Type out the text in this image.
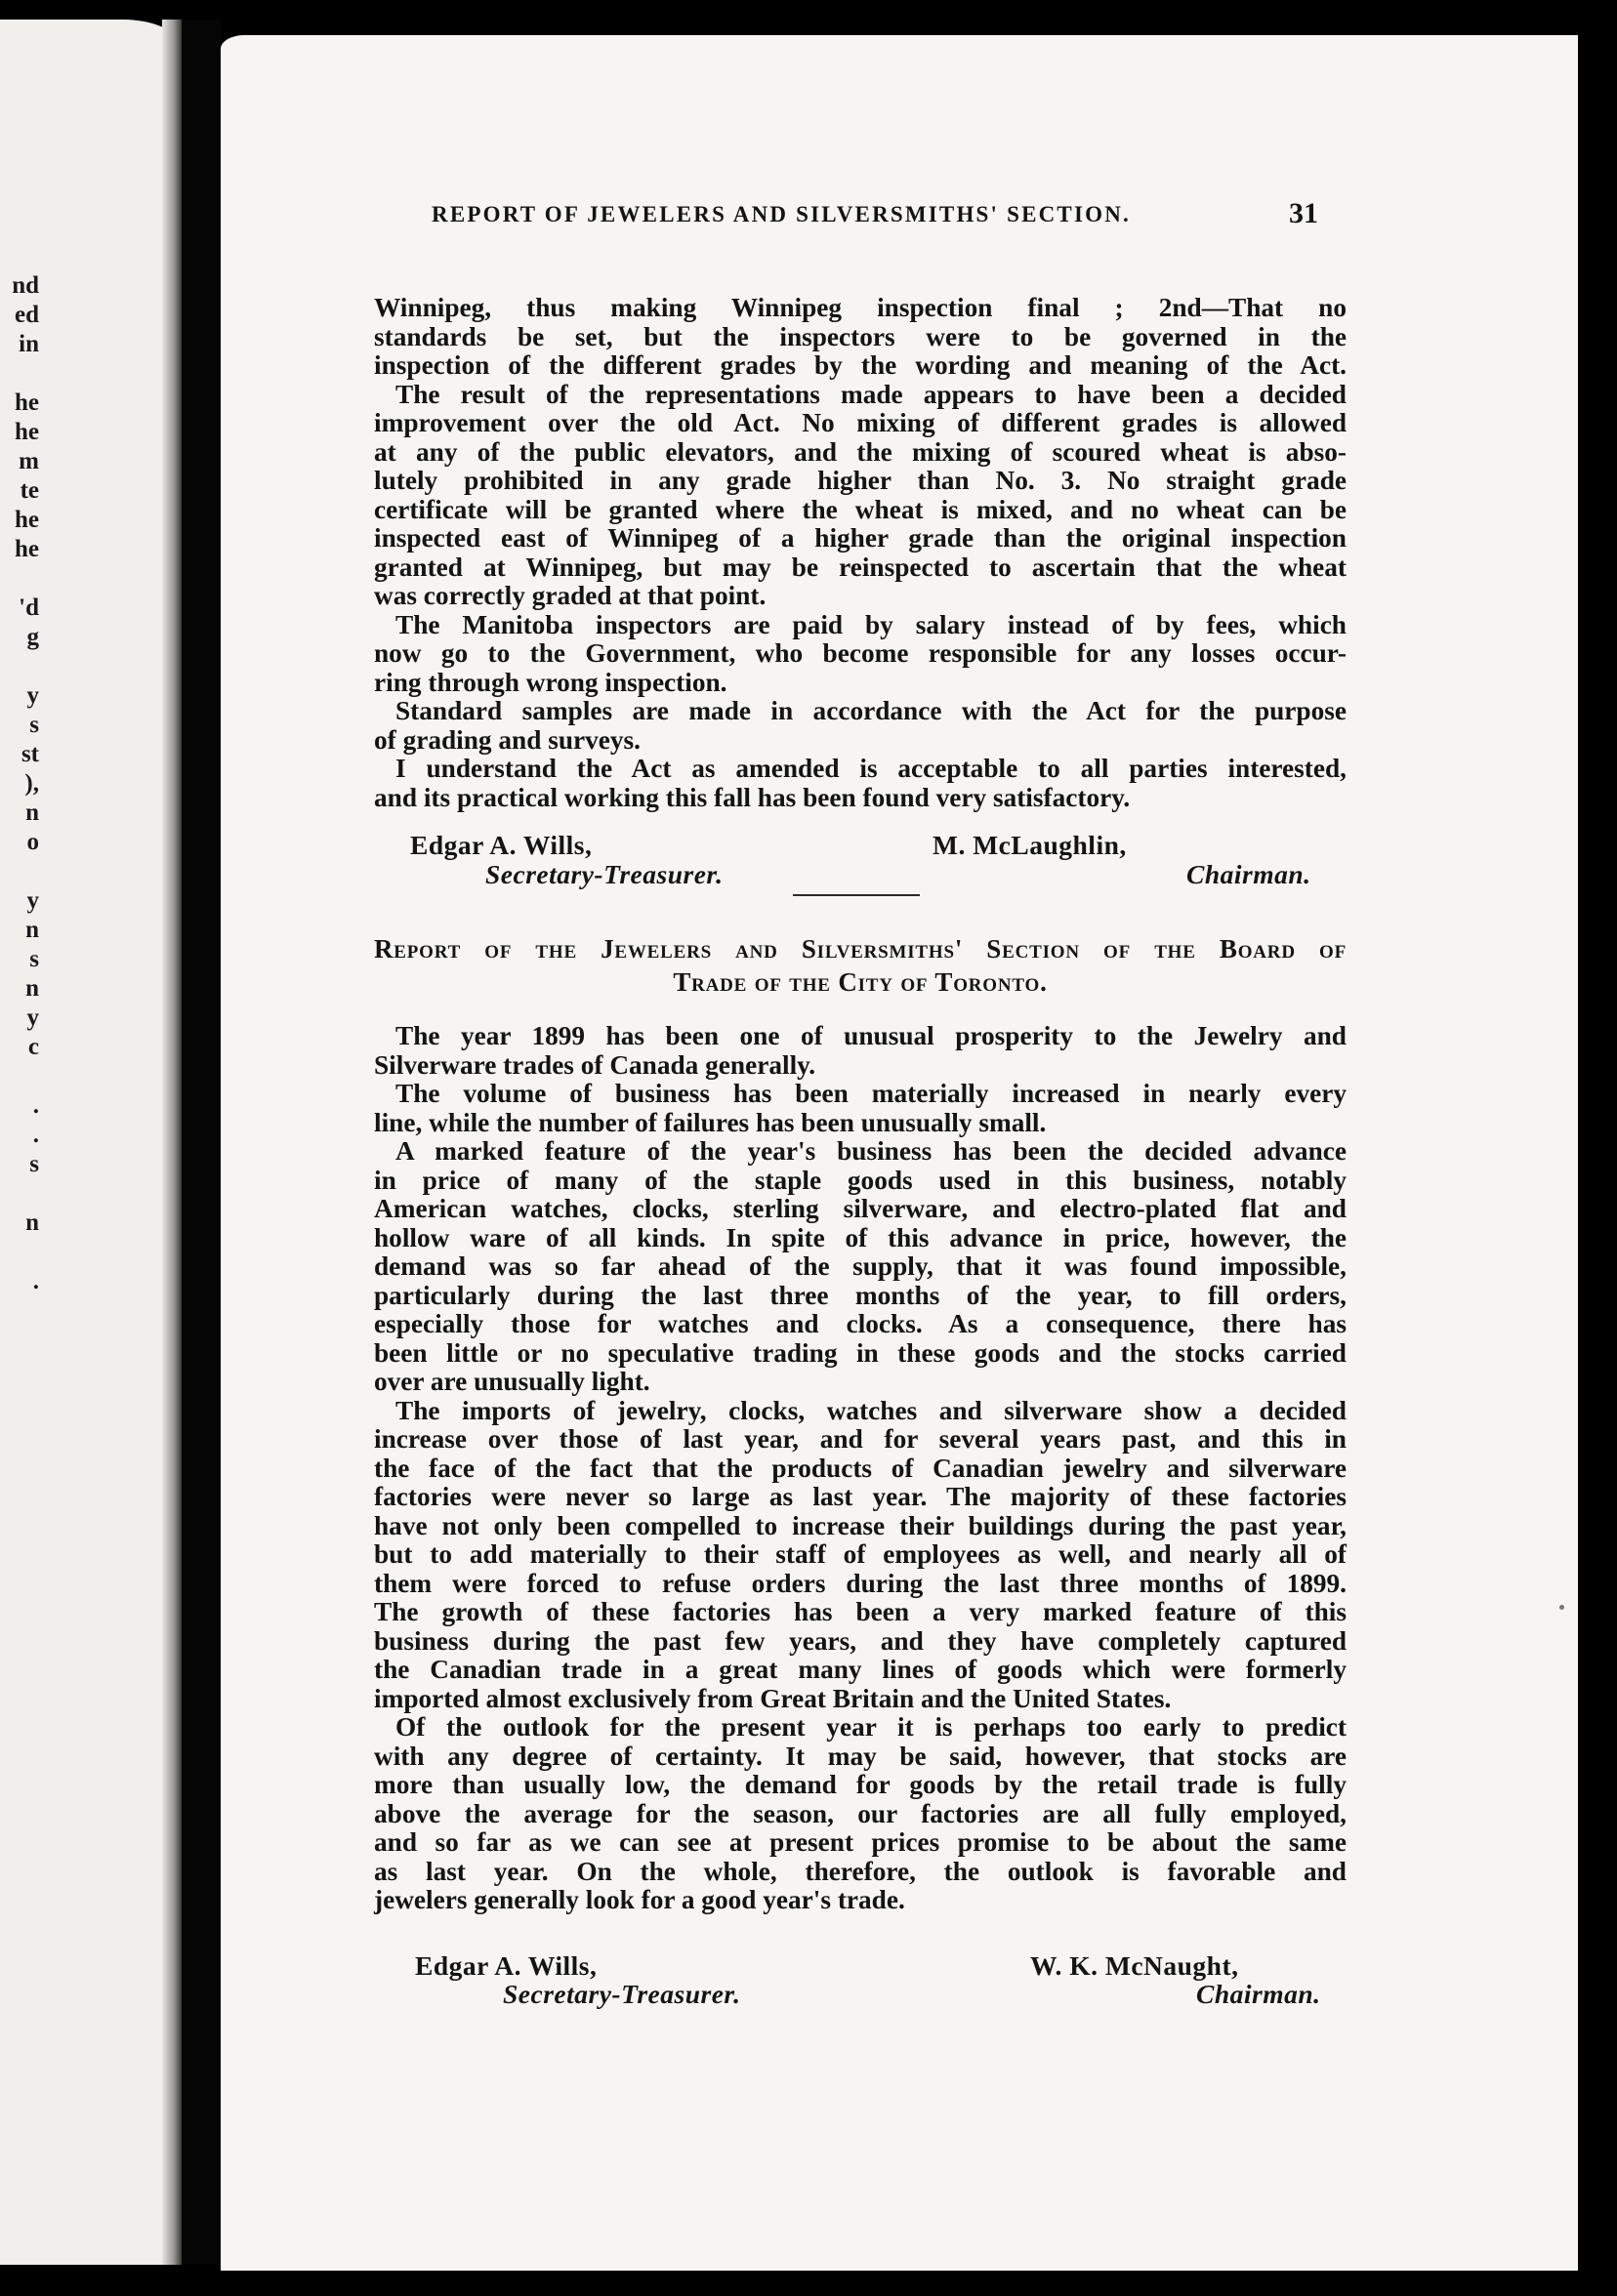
nd
ed
in
he
he
m
te
he
he
'd
g
y
s
st
),
n
o
y
n
s
n
y
c
.
.
s
n
.
REPORT OF JEWELERS AND SILVERSMITHS' SECTION.	31
Winnipeg, thus making Winnipeg inspection final ; 2nd—That no
standards be set, but the inspectors were to be governed in the
inspection of the different grades by the wording and meaning of the Act.
The result of the representations made appears to have been a decided
improvement over the old Act. No mixing of different grades is allowed
at any of the public elevators, and the mixing of scoured wheat is abso-
lutely prohibited in any grade higher than No. 3. No straight grade
certificate will be granted where the wheat is mixed, and no wheat can be
inspected east of Winnipeg of a higher grade than the original inspection
granted at Winnipeg, but may be reinspected to ascertain that the wheat
was correctly graded at that point.
The Manitoba inspectors are paid by salary instead of by fees, which
now go to the Government, who become responsible for any losses occur-
ring through wrong inspection.
Standard samples are made in accordance with the Act for the purpose
of grading and surveys.
I understand the Act as amended is acceptable to all parties interested,
and its practical working this fall has been found very satisfactory.
Edgar A. Wills,
Secretary-Treasurer.
M. McLaughlin,
Chairman.
Report of the Jewelers and Silversmiths' Section of the Board of
Trade of the City of Toronto.
The year 1899 has been one of unusual prosperity to the Jewelry and
Silverware trades of Canada generally.
The volume of business has been materially increased in nearly every
line, while the number of failures has been unusually small.
A marked feature of the year's business has been the decided advance
in price of many of the staple goods used in this business, notably
American watches, clocks, sterling silverware, and electro-plated flat and
hollow ware of all kinds. In spite of this advance in price, however, the
demand was so far ahead of the supply, that it was found impossible,
particularly during the last three months of the year, to fill orders,
especially those for watches and clocks. As a consequence, there has
been little or no speculative trading in these goods and the stocks carried
over are unusually light.
The imports of jewelry, clocks, watches and silverware show a decided
increase over those of last year, and for several years past, and this in
the face of the fact that the products of Canadian jewelry and silverware
factories were never so large as last year. The majority of these factories
have not only been compelled to increase their buildings during the past year,
but to add materially to their staff of employees as well, and nearly all of
them were forced to refuse orders during the last three months of 1899.
The growth of these factories has been a very marked feature of this
business during the past few years, and they have completely captured
the Canadian trade in a great many lines of goods which were formerly
imported almost exclusively from Great Britain and the United States.
Of the outlook for the present year it is perhaps too early to predict
with any degree of certainty. It may be said, however, that stocks are
more than usually low, the demand for goods by the retail trade is fully
above the average for the season, our factories are all fully employed,
and so far as we can see at present prices promise to be about the same
as last year. On the whole, therefore, the outlook is favorable and
jewelers generally look for a good year's trade.
Edgar A. Wills,
Secretary-Treasurer.
W. K. McNaught,
Chairman.
